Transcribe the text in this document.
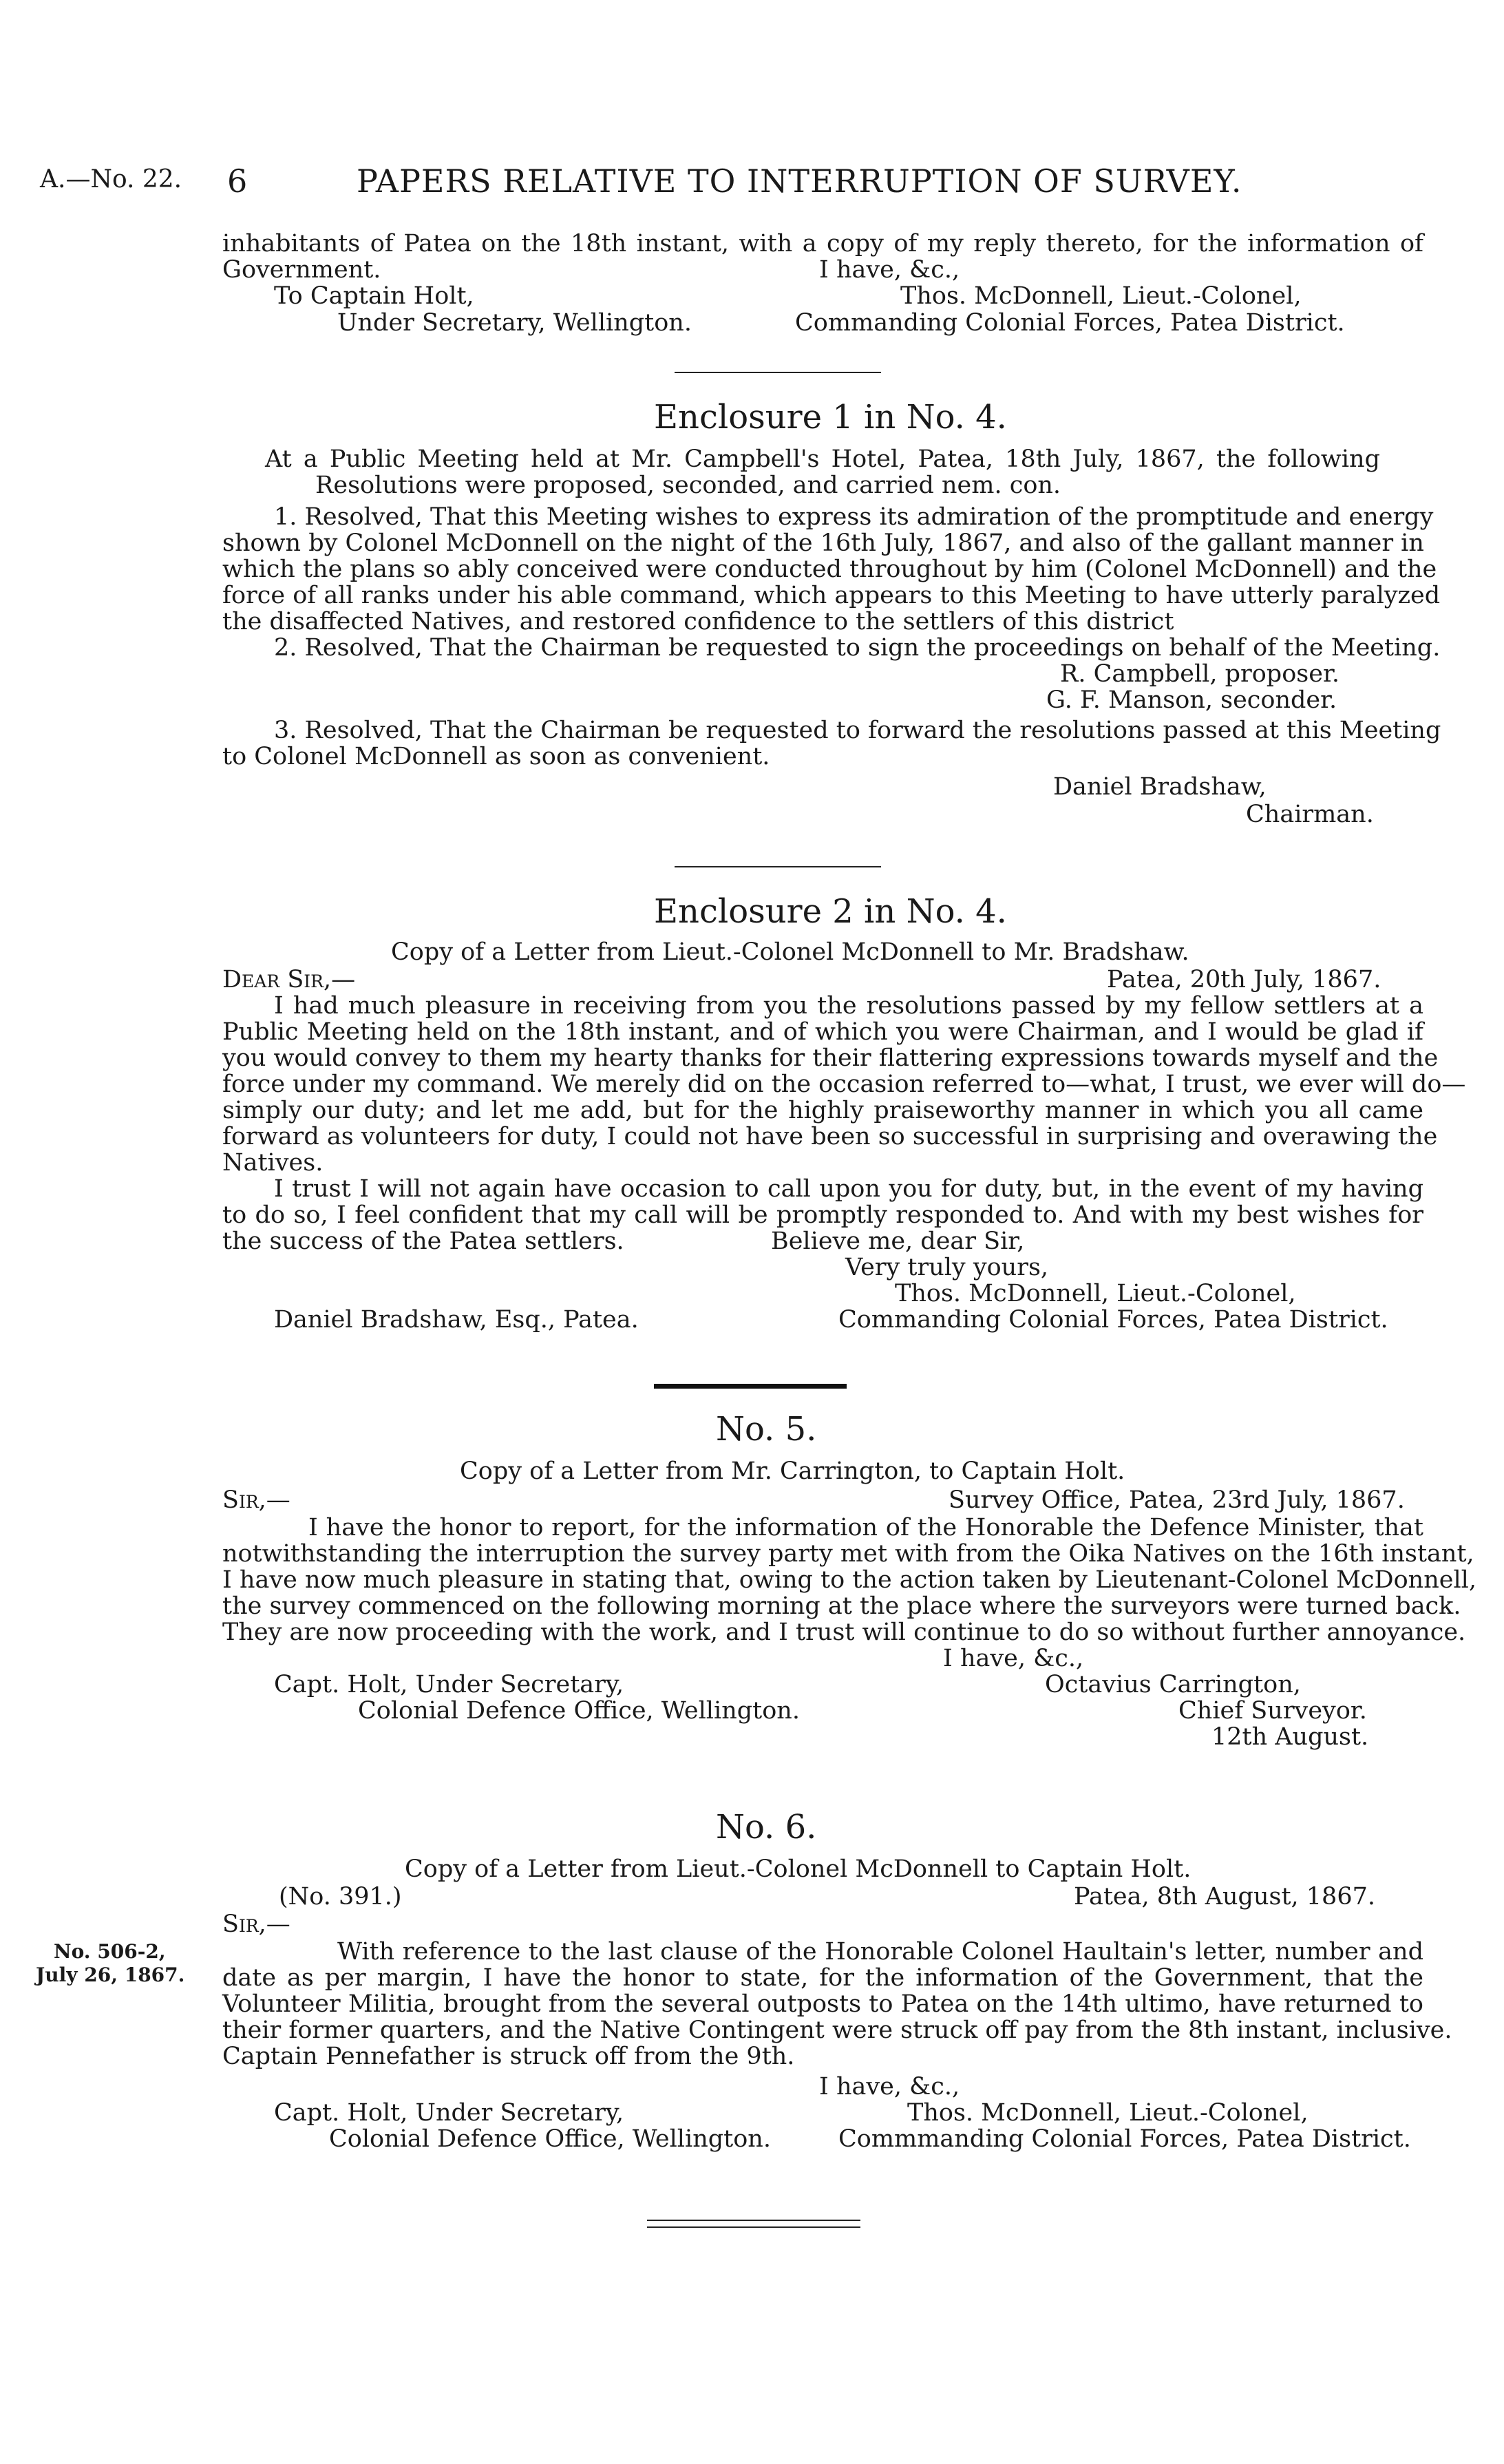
A.—No. 22. 6	PAPERS RELATIVE TO INTERRUPTION OF SURVEY.
inhabitants of Patea on the 18th instant, with a copy of my reply thereto, for the information of
Government.	I have, &c.,
To Captain Holt,	Thos. McDonnell, Lieut.-Colonel,
Under Secretary, Wellington.	Commanding Colonial Forces, Patea District.
Enclosure 1 in No. 4.
At a Public Meeting held at Mr. Campbell's Hotel, Patea, 18th July, 1867, the following
Resolutions were proposed, seconded, and carried nem. con.
1. Resolved, That this Meeting wishes to express its admiration of the promptitude and energy
shown by Colonel McDonnell on the night of the 16th July, 1867, and also of the gallant manner in
which the plans so ably conceived were conducted throughout by him (Colonel McDonnell) and the
force of all ranks under his able command, which appears to this Meeting to have utterly paralyzed
the disaffected Natives, and restored confidence to the settlers of this district
2. Resolved, That the Chairman be requested to sign the proceedings on behalf of the Meeting.
R. Campbell, proposer.
G. F. Manson, seconder.
3. Resolved, That the Chairman be requested to forward the resolutions passed at this Meeting
to Colonel McDonnell as soon as convenient.
Daniel Bradshaw,
Chairman.
Enclosure 2 in No. 4.
Copy of a Letter from Lieut.-Colonel McDonnell to Mr. Bradshaw.
Dear Sir,—	Patea, 20th July, 1867.
I had much pleasure in receiving from you the resolutions passed by my fellow settlers at a
Public Meeting held on the 18th instant, and of which you were Chairman, and I would be glad if
you would convey to them my hearty thanks for their flattering expressions towards myself and the
force under my command. We merely did on the occasion referred to—what, I trust, we ever will do—
simply our duty; and let me add, but for the highly praiseworthy manner in which you all came
forward as volunteers for duty, I could not have been so successful in surprising and overawing the
Natives.
I trust I will not again have occasion to call upon you for duty, but, in the event of my having
to do so, I feel confident that my call will be promptly responded to. And with my best wishes for
the success of the Patea settlers.	Believe me, dear Sir,
Very truly yours,
Thos. McDonnell, Lieut.-Colonel,
Daniel Bradshaw, Esq., Patea.	Commanding Colonial Forces, Patea District.
No. 5.
Copy of a Letter from Mr. Carrington, to Captain Holt.
Sir,—	Survey Office, Patea, 23rd July, 1867.
I have the honor to report, for the information of the Honorable the Defence Minister, that
notwithstanding the interruption the survey party met with from the Oika Natives on the 16th instant,
I have now much pleasure in stating that, owing to the action taken by Lieutenant-Colonel McDonnell,
the survey commenced on the following morning at the place where the surveyors were turned back.
They are now proceeding with the work, and I trust will continue to do so without further annoyance.
I have, &c.,
Capt. Holt, Under Secretary,	Octavius Carrington,
Colonial Defence Office, Wellington.	Chief Surveyor.
12th August.
No. 6.
Copy of a Letter from Lieut.-Colonel McDonnell to Captain Holt.
(No. 391.)	Patea, 8th August, 1867.
Sir,—
No. 506-2,
July 26, 1867.
With reference to the last clause of the Honorable Colonel Haultain's letter, number and
date as per margin, I have the honor to state, for the information of the Government, that the
Volunteer Militia, brought from the several outposts to Patea on the 14th ultimo, have returned to
their former quarters, and the Native Contingent were struck off pay from the 8th instant, inclusive.
Captain Pennefather is struck off from the 9th.
I have, &c.,
Capt. Holt, Under Secretary,	Thos. McDonnell, Lieut.-Colonel,
Colonial Defence Office, Wellington.	Commmanding Colonial Forces, Patea District.
